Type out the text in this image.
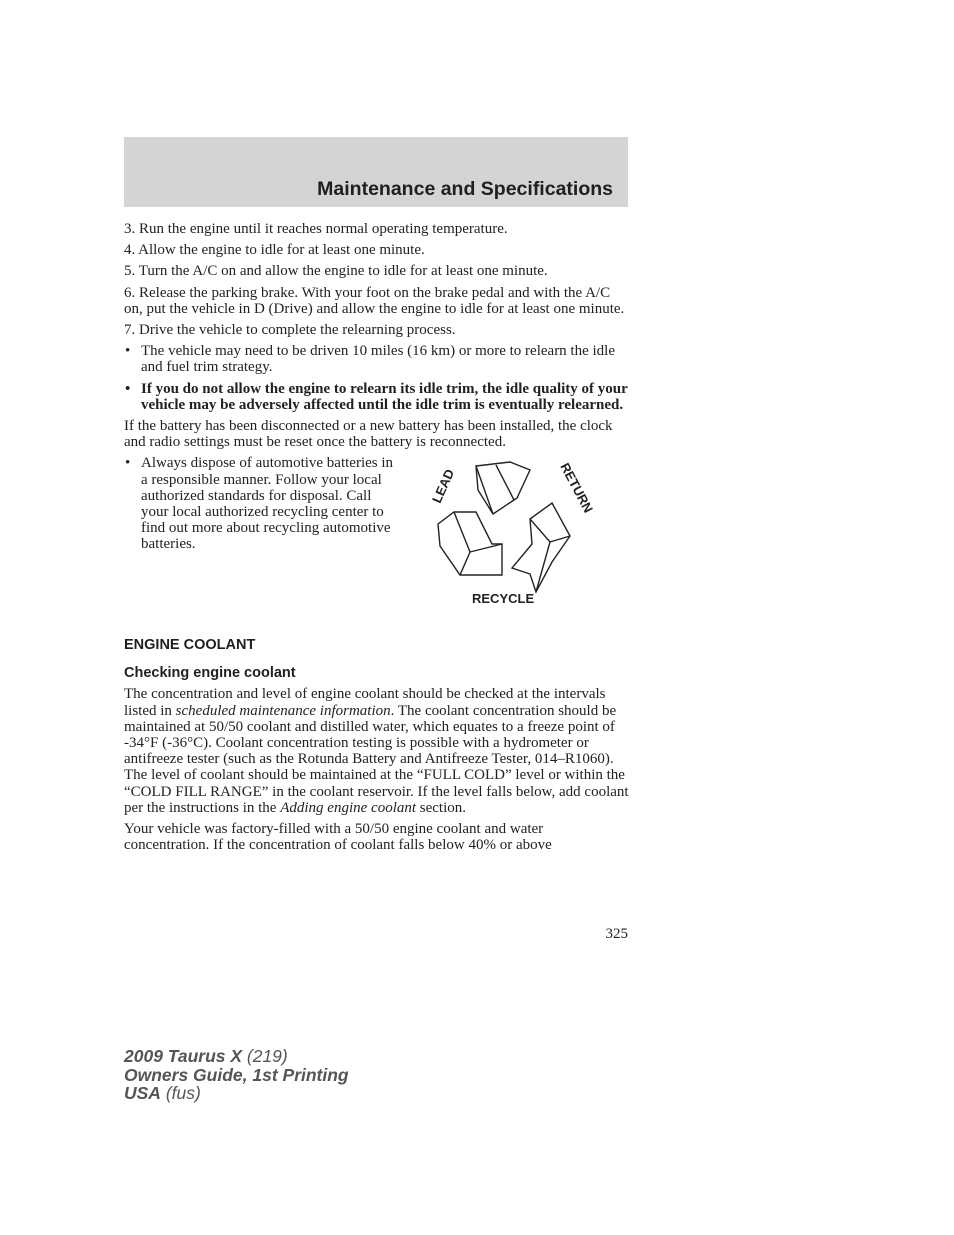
Maintenance and Specifications

3. Run the engine until it reaches normal operating temperature.

4. Allow the engine to idle for at least one minute.

5. Turn the A/C on and allow the engine to idle for at least one minute.

6. Release the parking brake. With your foot on the brake pedal and with the A/C on, put the vehicle in D (Drive) and allow the engine to idle for at least one minute.

7. Drive the vehicle to complete the relearning process.

• The vehicle may need to be driven 10 miles (16 km) or more to relearn the idle and fuel trim strategy.
• If you do not allow the engine to relearn its idle trim, the idle quality of your vehicle may be adversely affected until the idle trim is eventually relearned.

If the battery has been disconnected or a new battery has been installed, the clock and radio settings must be reset once the battery is reconnected.

• Always dispose of automotive batteries in a responsible manner. Follow your local authorized standards for disposal. Call your local authorized recycling center to find out more about recycling automotive batteries.
LEAD	RETURN
RECYCLE
ENGINE COOLANT
Checking engine coolant

The concentration and level of engine coolant should be checked at the intervals listed in scheduled maintenance information. The coolant concentration should be maintained at 50/50 coolant and distilled water, which equates to a freeze point of -34°F (-36°C). Coolant concentration testing is possible with a hydrometer or antifreeze tester (such as the Rotunda Battery and Antifreeze Tester, 014–R1060). The level of coolant should be maintained at the “FULL COLD” level or within the “COLD FILL RANGE” in the coolant reservoir. If the level falls below, add coolant per the instructions in the Adding engine coolant section.

Your vehicle was factory-filled with a 50/50 engine coolant and water concentration. If the concentration of coolant falls below 40% or above

325
2009 Taurus X (219)
Owners Guide, 1st Printing
USA (fus)
